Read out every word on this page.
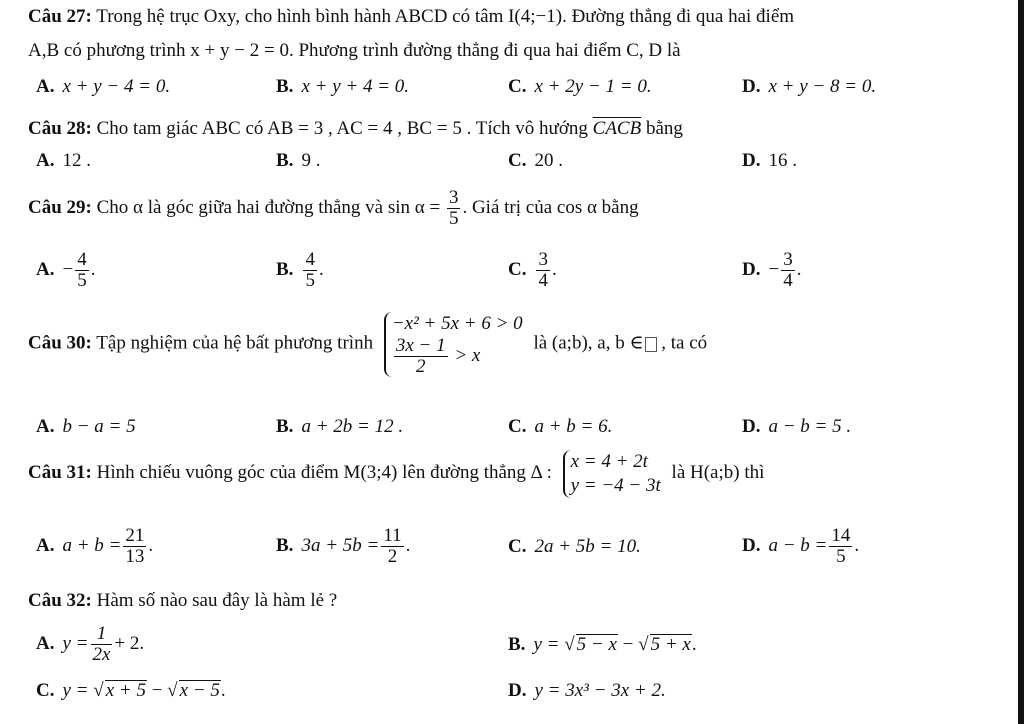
Câu 27: Trong hệ trục Oxy, cho hình bình hành ABCD có tâm I(4;−1). Đường thẳng đi qua hai điểm
A,B có phương trình x + y − 2 = 0. Phương trình đường thẳng đi qua hai điểm C, D là
A. x + y − 4 = 0.	B. x + y + 4 = 0.	C. x + 2y − 1 = 0.	D. x + y − 8 = 0.
Câu 28: Cho tam giác ABC có AB = 3 , AC = 4 , BC = 5 . Tích vô hướng $\overline{CA}\overline{CB}$ bằng
A. 12 .	B. 9 .	C. 20 .	D. 16 .
Câu 29: Cho α là góc giữa hai đường thẳng và $\sin \alpha = \frac{3}{5}$ . Giá trị của cos α bằng
A. − $\frac{4}{5}$ .	B. $\frac{4}{5}$ .	C. $\frac{3}{4}$ .	D. − $\frac{3}{4}$ .
Câu 30: Tập nghiệm của hệ bất phương trình
−x² + 5x + 6 > 0
$\frac{3x - 1}{2} > x$
là (a;b), a, b ∈ , ta có
A. b − a = 5	B. a + 2b = 12 .	C. a + b = 6.	D. a − b = 5 .
Câu 31: Hình chiếu vuông góc của điểm M(3;4) lên đường thẳng Δ :
x = 4 + 2t
y = −4 − 3t
là H(a;b) thì
A. $a + b = \frac{21}{13}$ .	B. $3a + 5b = \frac{11}{2}$ .	C. 2a + 5b = 10.	D. $a - b = \frac{14}{5}$ .
Câu 32: Hàm số nào sau đây là hàm lẻ ?
A. $y = \frac{1}{2x} + 2$.	B. y = √ 5 − x − √ 5 + x.
C. y = √ x + 5 − √ x − 5.	D. y = 3x³ − 3x + 2.
